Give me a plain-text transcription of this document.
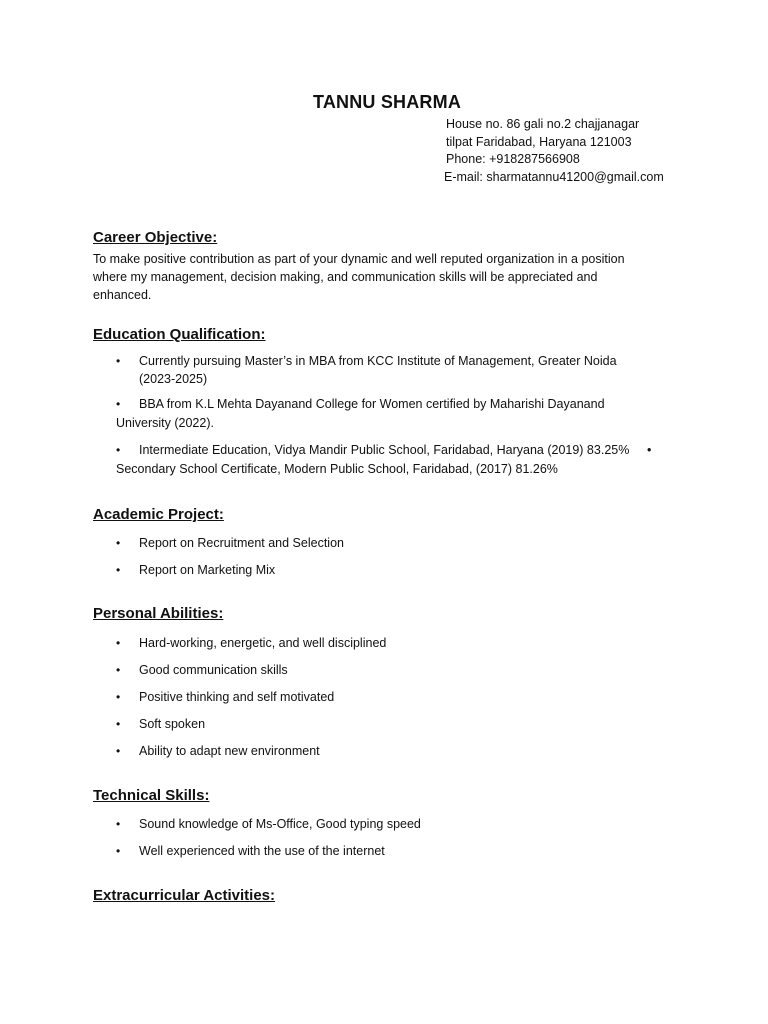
TANNU SHARMA
House no. 86 gali no.2 chajjanagar
tilpat Faridabad, Haryana 121003
Phone: +918287566908
E-mail: sharmatannu41200@gmail.com
Career Objective:
To make positive contribution as part of your dynamic and well reputed organization in a position
where my management, decision making, and communication skills will be appreciated and
enhanced.
Education Qualification:
• Currently pursuing Master’s in MBA from KCC Institute of Management, Greater Noida
(2023-2025)
• BBA from K.L Mehta Dayanand College for Women certified by Maharishi Dayanand
University (2022).
• Intermediate Education, Vidya Mandir Public School, Faridabad, Haryana (2019) 83.25% •
Secondary School Certificate, Modern Public School, Faridabad, (2017) 81.26%
Academic Project:
• Report on Recruitment and Selection
• Report on Marketing Mix
Personal Abilities:
• Hard-working, energetic, and well disciplined
• Good communication skills
• Positive thinking and self motivated
• Soft spoken
• Ability to adapt new environment
Technical Skills:
• Sound knowledge of Ms-Office, Good typing speed
• Well experienced with the use of the internet
Extracurricular Activities:
